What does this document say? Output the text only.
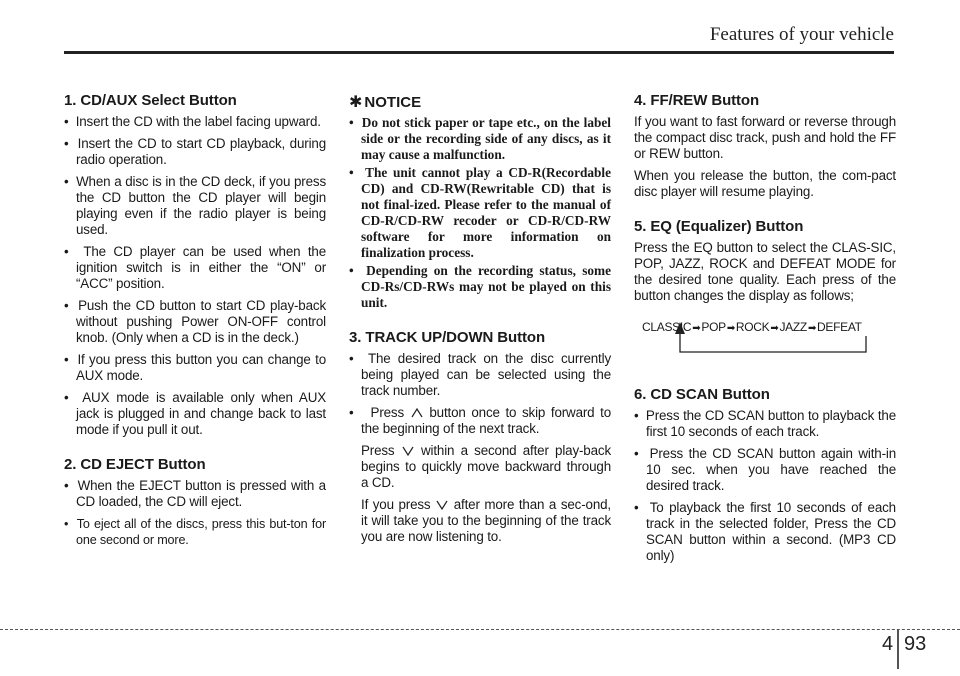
Features of your vehicle
1. CD/AUX Select Button
•  Insert the CD with the label facing upward.
•  Insert the CD to start CD playback, during radio operation.
•  When a disc is in the CD deck, if you press the CD button the CD player will begin playing even if the radio player is being used.
•  The CD player can be used when the ignition switch is in either the “ON” or “ACC” position.
•  Push the CD button to start CD play-back without pushing Power ON-OFF control knob. (Only when a CD is in the deck.)
•  If you press this button you can change to AUX mode.
•  AUX mode is available only when AUX jack is plugged in and change back to last mode if you pull it out.
2. CD EJECT Button
•  When the EJECT button is pressed with a CD loaded, the CD will eject.
•  To eject all of the discs, press this but-ton for one second or more.
✱ NOTICE
•  Do not stick paper or tape etc., on the label side or the recording side of any discs, as it may cause a malfunction.
•  The unit cannot play a CD-R(Recordable CD) and CD-RW(Rewritable CD) that is not final-ized. Please refer to the manual of CD-R/CD-RW recoder or CD-R/CD-RW software for more information on finalization process.
•  Depending on the recording status, some CD-Rs/CD-RWs may not be played on this unit.
3. TRACK UP/DOWN Button
•  The desired track on the disc currently being played can be selected using the track number.
•  Press button once to skip forward to the beginning of the next track.
Press within a second after play-back begins to quickly move backward through a CD.
If you press after more than a sec-ond, it will take you to the beginning of the track you are now listening to.
4. FF/REW Button

If you want to fast forward or reverse through the compact disc track, push and hold the FF or REW button.

When you release the button, the com-pact disc player will resume playing.

5. EQ (Equalizer) Button

Press the EQ button to select the CLAS-SIC, POP, JAZZ, ROCK and DEFEAT MODE for the desired tone quality. Each press of the button changes the display as follows;

CLASSIC➡POP➡ROCK➡JAZZ➡DEFEAT
6. CD SCAN Button
•  Press the CD SCAN button to playback the first 10 seconds of each track.
•  Press the CD SCAN button again with-in 10 sec. when you have reached the desired track.
•  To playback the first 10 seconds of each track in the selected folder, Press the CD SCAN button within a second. (MP3 CD only)
4 93
